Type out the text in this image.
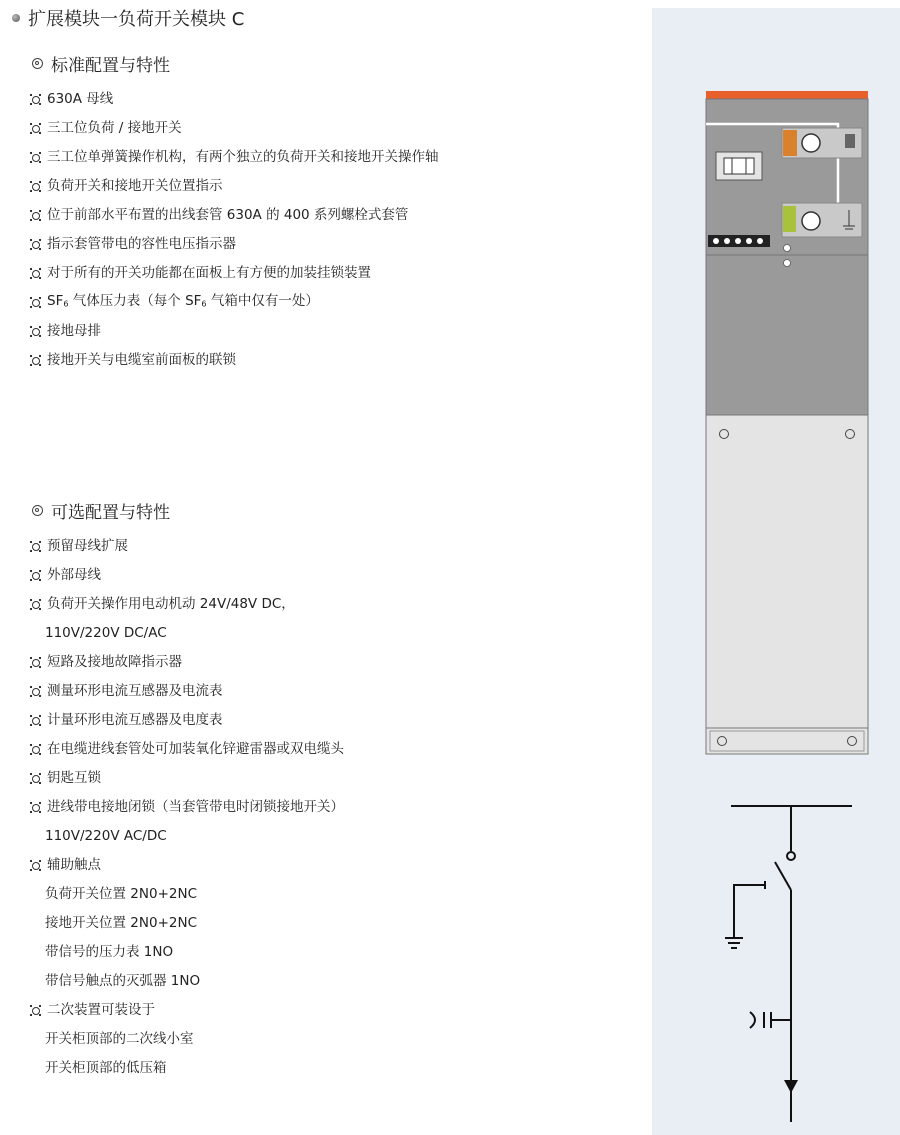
扩展模块一负荷开关模块 C
标准配置与特性
630A 母线
三工位负荷 / 接地开关
三工位单弹簧操作机构，有两个独立的负荷开关和接地开关操作轴
负荷开关和接地开关位置指示
位于前部水平布置的出线套管 630A 的 400 系列螺栓式套管
指示套管带电的容性电压指示器
对于所有的开关功能都在面板上有方便的加装挂锁装置
$SF_6$ 气体压力表（每个 $SF_6$ 气箱中仅有一处）
接地母排
接地开关与电缆室前面板的联锁
可选配置与特性
预留母线扩展
外部母线
负荷开关操作用电动机动 24V/48V DC，
110V/220V DC/AC
短路及接地故障指示器
测量环形电流互感器及电流表
计量环形电流互感器及电度表
在电缆进线套管处可加装氧化锌避雷器或双电缆头
钥匙互锁
进线带电接地闭锁（当套管带电时闭锁接地开关）
110V/220V AC/DC
辅助触点
负荷开关位置 2N0+2NC
接地开关位置 2N0+2NC
带信号的压力表 1NO
带信号触点的灭弧器 1NO
二次装置可装设于
开关柜顶部的二次线小室
开关柜顶部的低压箱
